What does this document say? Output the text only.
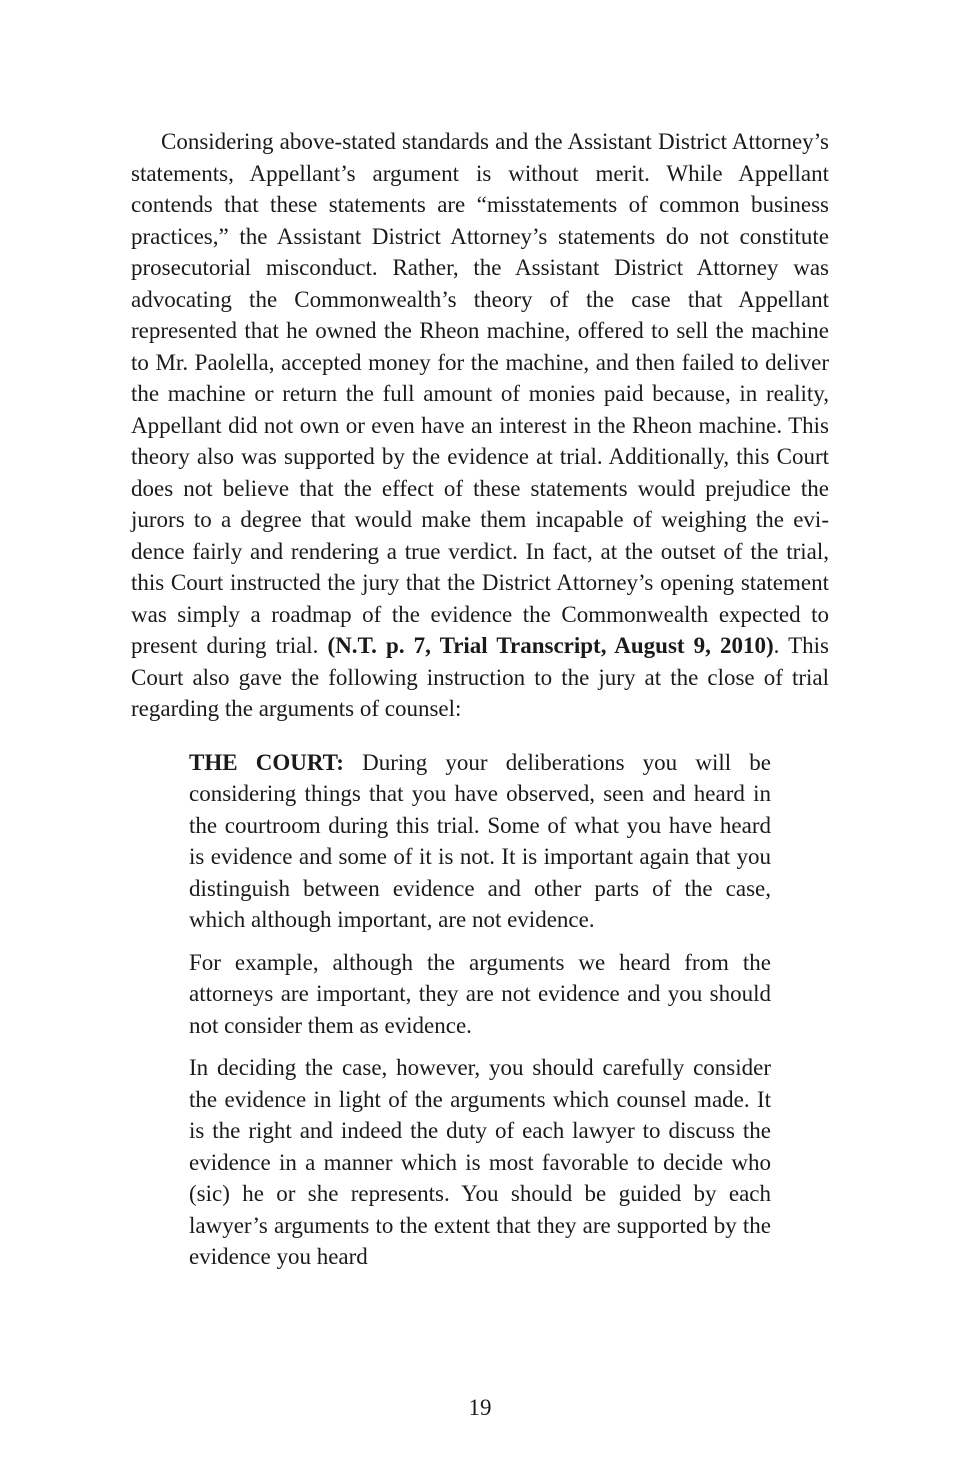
Considering above-stated standards and the Assistant District Attorney’s statements, Appellant’s argument is without merit. While Appellant contends that these statements are “misstatements of common business practices,” the Assistant District Attorney’s statements do not constitute prosecutorial misconduct. Rather, the Assistant District Attorney was advocating the Commonwealth’s theory of the case that Appellant represented that he owned the Rheon machine, offered to sell the machine to Mr. Paolella, accepted money for the machine, and then failed to deliver the machine or return the full amount of monies paid because, in reality, Appellant did not own or even have an interest in the Rheon machine. This theory also was supported by the evidence at trial. Additionally, this Court does not believe that the effect of these statements would prejudice the jurors to a degree that would make them incapable of weighing the evidence fairly and rendering a true verdict. In fact, at the outset of the trial, this Court instructed the jury that the District Attorney’s opening statement was simply a roadmap of the evidence the Commonwealth expected to present during trial. (N.T. p. 7, Trial Transcript, August 9, 2010). This Court also gave the following instruction to the jury at the close of trial regarding the arguments of counsel:

THE COURT: During your deliberations you will be considering things that you have observed, seen and heard in the courtroom during this trial. Some of what you have heard is evidence and some of it is not. It is important again that you distinguish between evidence and other parts of the case, which although important, are not evidence.

For example, although the arguments we heard from the attorneys are important, they are not evidence and you should not consider them as evidence.

In deciding the case, however, you should carefully consider the evidence in light of the arguments which counsel made. It is the right and indeed the duty of each lawyer to discuss the evidence in a manner which is most favorable to decide who (sic) he or she represents. You should be guided by each lawyer’s arguments to the extent that they are supported by the evidence you heard

19
